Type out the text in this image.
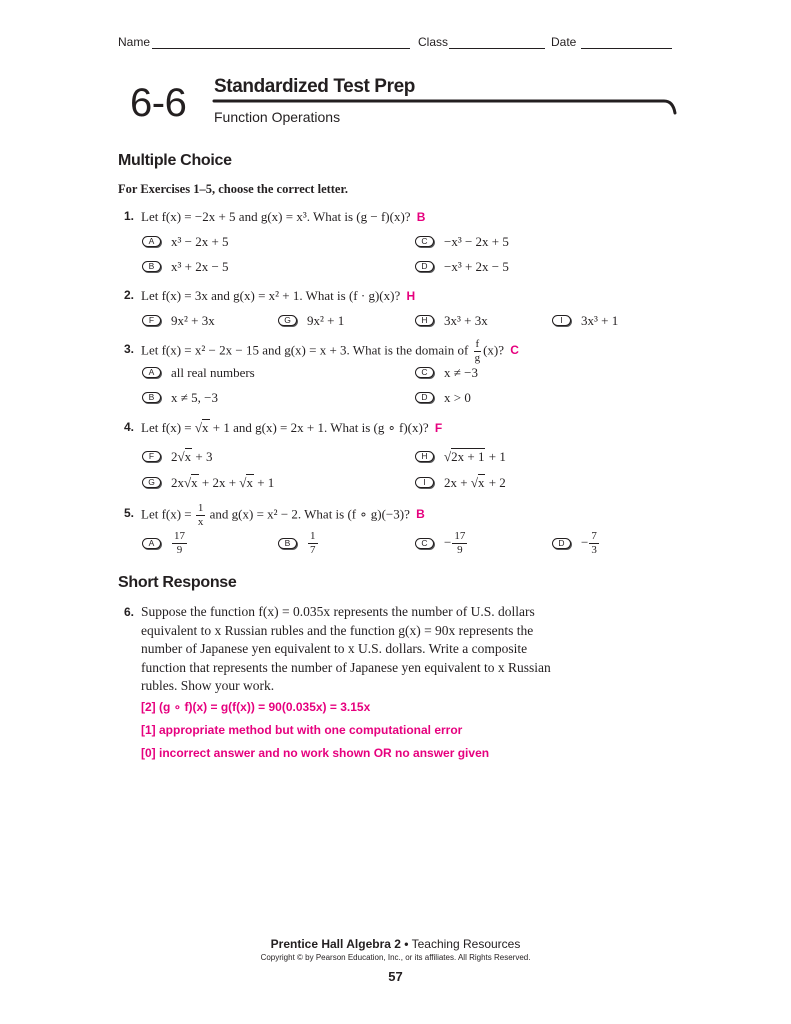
Name	Class	Date
6-6 Standardized Test Prep
Function Operations
Multiple Choice
For Exercises 1–5, choose the correct letter.
1. Let f(x) = −2x + 5 and g(x) = x³. What is (g − f)(x)? B
A	x³ − 2x + 5
B	x³ + 2x − 5
C	−x³ − 2x + 5
D	−x³ + 2x − 5
2. Let f(x) = 3x and g(x) = x² + 1. What is (f · g)(x)? H
F	9x² + 3x	G	9x² + 1	H	3x³ + 3x	I	3x³ + 1
3. Let f(x) = x² − 2x − 15 and g(x) = x + 3. What is the domain of $\frac{f}{g} (x)$? C
A	all real numbers
B	x ≠ 5, −3
C	x ≠ −3
D	x > 0
4. Let f(x) = √x + 1 and g(x) = 2x + 1. What is (g ∘ f)(x)? F
F	2√x + 3
G	2x√x + 2x + √x + 1
H	√2x + 1 + 1
I	2x + √x + 2
5. Let $f(x) = \frac{1}{x}$ and g(x) = x² − 2. What is (f ∘ g)(−3)? B
A	$\frac{17}{9}$	B	$\frac{1}{7}$	C	− $\frac{17}{9}$	D	− $\frac{7}{3}$
Short Response
6. Suppose the function f(x) = 0.035x represents the number of U.S. dollars
equivalent to x Russian rubles and the function g(x) = 90x represents the
number of Japanese yen equivalent to x U.S. dollars. Write a composite
function that represents the number of Japanese yen equivalent to x Russian
rubles. Show your work.
[2] (g ∘ f)(x) = g(f(x)) = 90(0.035x) = 3.15x
[1] appropriate method but with one computational error
[0] incorrect answer and no work shown OR no answer given
Prentice Hall Algebra 2 • Teaching Resources
Copyright © by Pearson Education, Inc., or its affiliates. All Rights Reserved.
57
